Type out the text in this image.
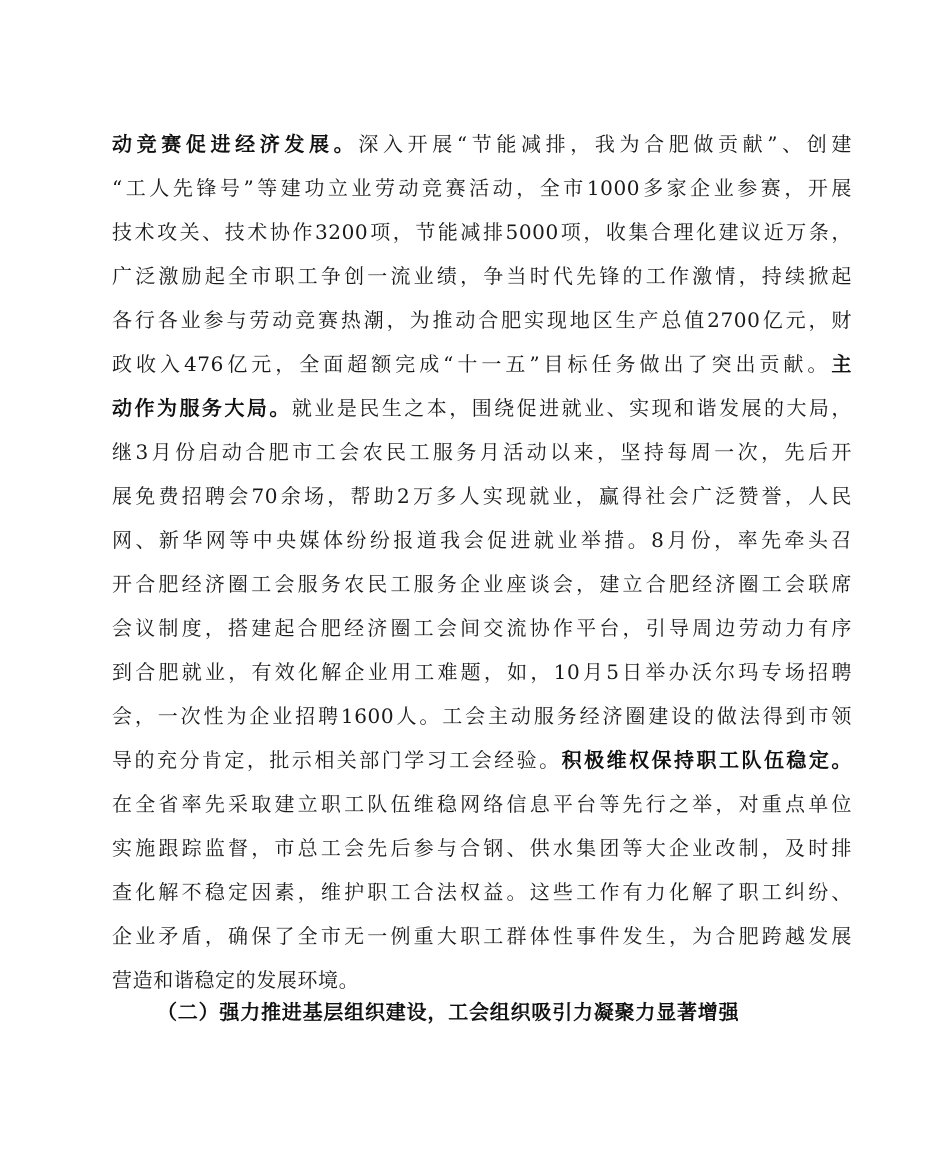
动竞赛促进经济发展。深入开展“节能减排，我为合肥做贡献”、创建
“工人先锋号”等建功立业劳动竞赛活动，全市1000多家企业参赛，开展
技术攻关、技术协作3200项，节能减排5000项，收集合理化建议近万条，
广泛激励起全市职工争创一流业绩，争当时代先锋的工作激情，持续掀起
各行各业参与劳动竞赛热潮，为推动合肥实现地区生产总值2700亿元，财
政收入476亿元，全面超额完成“十一五”目标任务做出了突出贡献。主
动作为服务大局。就业是民生之本，围绕促进就业、实现和谐发展的大局，
继3月份启动合肥市工会农民工服务月活动以来，坚持每周一次，先后开
展免费招聘会70余场，帮助2万多人实现就业，赢得社会广泛赞誉，人民
网、新华网等中央媒体纷纷报道我会促进就业举措。8月份，率先牵头召
开合肥经济圈工会服务农民工服务企业座谈会，建立合肥经济圈工会联席
会议制度，搭建起合肥经济圈工会间交流协作平台，引导周边劳动力有序
到合肥就业，有效化解企业用工难题，如，10月5日举办沃尔玛专场招聘
会，一次性为企业招聘1600人。工会主动服务经济圈建设的做法得到市领
导的充分肯定，批示相关部门学习工会经验。积极维权保持职工队伍稳定。
在全省率先采取建立职工队伍维稳网络信息平台等先行之举，对重点单位
实施跟踪监督，市总工会先后参与合钢、供水集团等大企业改制，及时排
查化解不稳定因素，维护职工合法权益。这些工作有力化解了职工纠纷、
企业矛盾，确保了全市无一例重大职工群体性事件发生，为合肥跨越发展
营造和谐稳定的发展环境。
（二）强力推进基层组织建设，工会组织吸引力凝聚力显著增强
